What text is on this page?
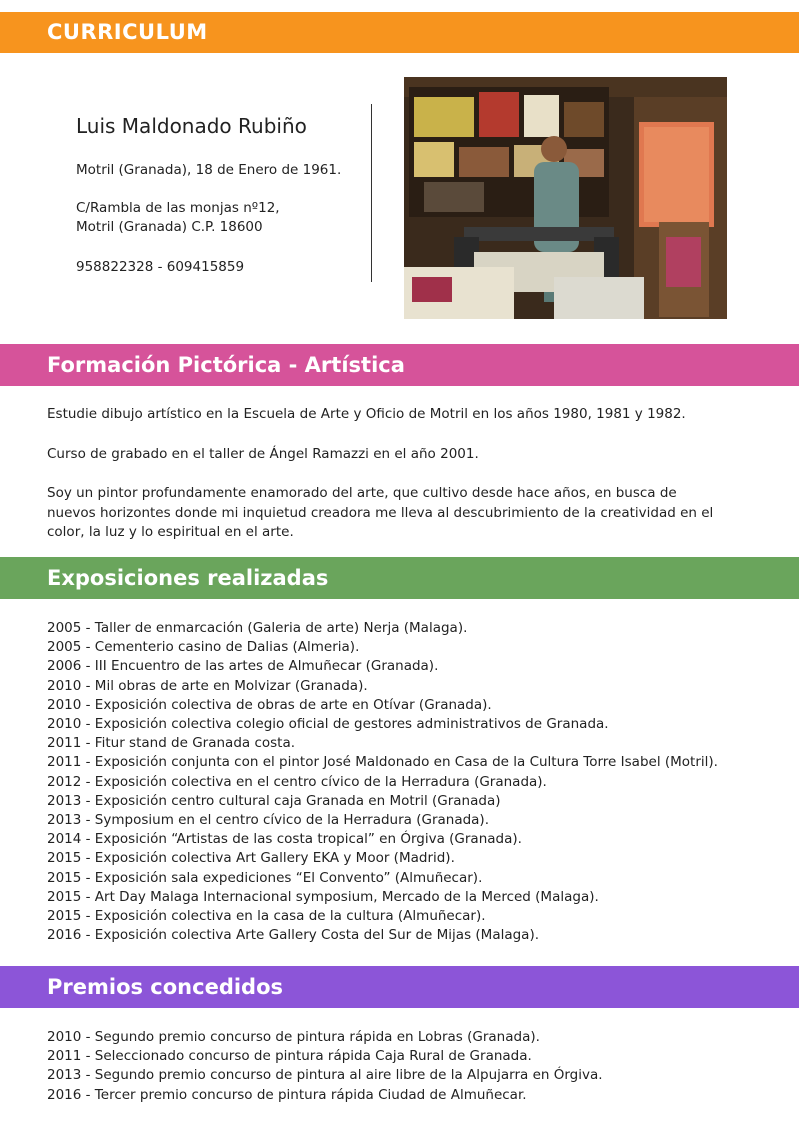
CURRICULUM
Luis Maldonado Rubiño
Motril (Granada), 18 de Enero de 1961.
C/Rambla de las monjas nº12,
Motril (Granada) C.P. 18600
958822328 - 609415859
Formación Pictórica - Artística
Estudie dibujo artístico en la Escuela de Arte y Oficio de Motril en los años 1980, 1981 y 1982.
Curso de grabado en el taller de Ángel Ramazzi en el año 2001.
Soy un pintor profundamente enamorado del arte, que cultivo desde hace años, en busca de nuevos horizontes donde mi inquietud creadora me lleva al descubrimiento de la creatividad en el color, la luz y lo espiritual en el arte.
Exposiciones realizadas
2005 - Taller de enmarcación (Galeria de arte) Nerja (Malaga).
2005 - Cementerio casino de Dalias (Almeria).
2006 - III Encuentro de las artes de Almuñecar (Granada).
2010 - Mil obras de arte en Molvizar (Granada).
2010 - Exposición colectiva de obras de arte en Otívar (Granada).
2010 - Exposición colectiva colegio oficial de gestores administrativos de Granada.
2011 - Fitur stand de Granada costa.
2011 - Exposición conjunta con el pintor José Maldonado en Casa de la Cultura Torre Isabel (Motril).
2012 - Exposición colectiva en el centro cívico de la Herradura (Granada).
2013 - Exposición centro cultural caja Granada en Motril (Granada)
2013 - Symposium en el centro cívico de la Herradura (Granada).
2014 - Exposición “Artistas de las costa tropical” en Órgiva (Granada).
2015 - Exposición colectiva Art Gallery EKA y Moor (Madrid).
2015 - Exposición sala expediciones “El Convento” (Almuñecar).
2015 - Art Day Malaga Internacional symposium, Mercado de la Merced (Malaga).
2015 - Exposición colectiva en la casa de la cultura (Almuñecar).
2016 - Exposición colectiva Arte Gallery Costa del Sur de Mijas (Malaga).
Premios concedidos
2010 - Segundo premio concurso de pintura rápida en Lobras (Granada).
2011 - Seleccionado concurso de pintura rápida Caja Rural de Granada.
2013 - Segundo premio concurso de pintura al aire libre de la Alpujarra en Órgiva.
2016 - Tercer premio concurso de pintura rápida Ciudad de Almuñecar.
